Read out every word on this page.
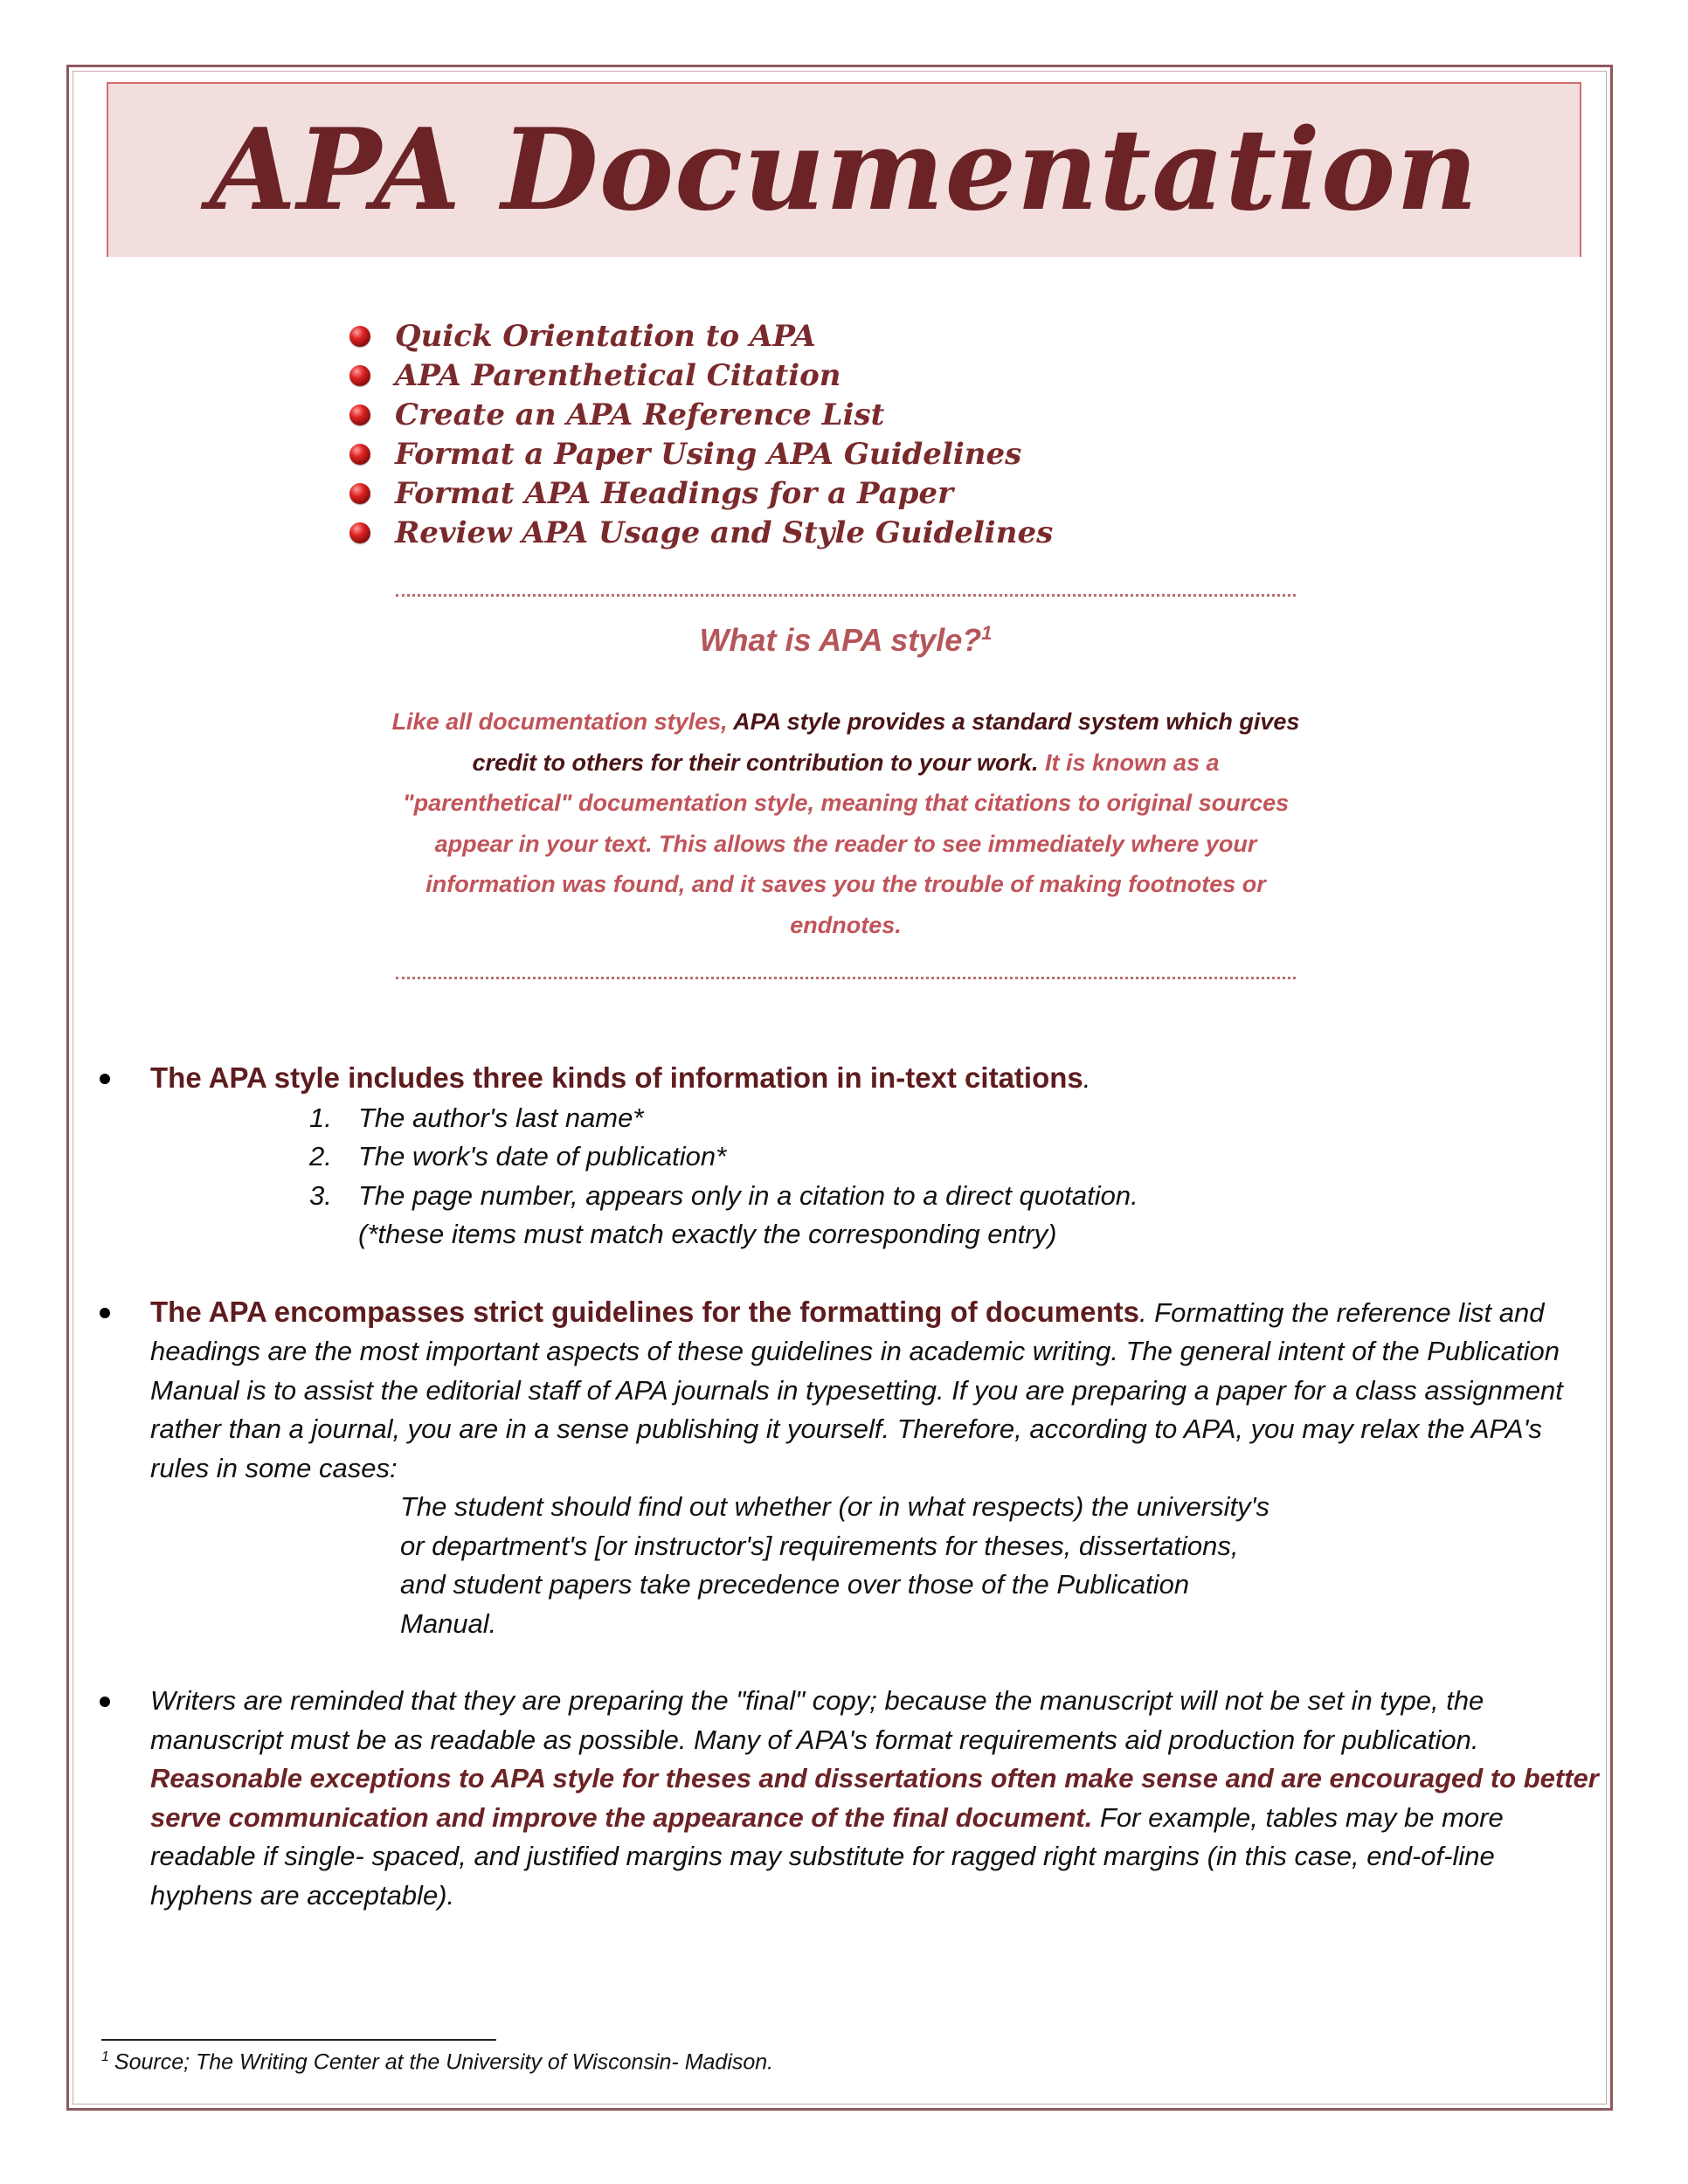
APA Documentation
Quick Orientation to APA
APA Parenthetical Citation
Create an APA Reference List
Format a Paper Using APA Guidelines
Format APA Headings for a Paper
Review APA Usage and Style Guidelines
What is APA style?$^1$
Like all documentation styles, APA style provides a standard system which gives credit to others for their contribution to your work. It is known as a "parenthetical" documentation style, meaning that citations to original sources appear in your text. This allows the reader to see immediately where your information was found, and it saves you the trouble of making footnotes or endnotes.
The APA style includes three kinds of information in in-text citations.
1. The author's last name*
2. The work's date of publication*
3. The page number, appears only in a citation to a direct quotation.
(*these items must match exactly the corresponding entry)
The APA encompasses strict guidelines for the formatting of documents. Formatting the reference list and headings are the most important aspects of these guidelines in academic writing. The general intent of the Publication Manual is to assist the editorial staff of APA journals in typesetting. If you are preparing a paper for a class assignment rather than a journal, you are in a sense publishing it yourself. Therefore, according to APA, you may relax the APA's rules in some cases:
The student should find out whether (or in what respects) the university's or department's [or instructor's] requirements for theses, dissertations, and student papers take precedence over those of the Publication Manual.
Writers are reminded that they are preparing the "final" copy; because the manuscript will not be set in type, the manuscript must be as readable as possible. Many of APA's format requirements aid production for publication. Reasonable exceptions to APA style for theses and dissertations often make sense and are encouraged to better serve communication and improve the appearance of the final document. For example, tables may be more readable if single- spaced, and justified margins may substitute for ragged right margins (in this case, end-of-line hyphens are acceptable).
$^1$ Source; The Writing Center at the University of Wisconsin- Madison.
